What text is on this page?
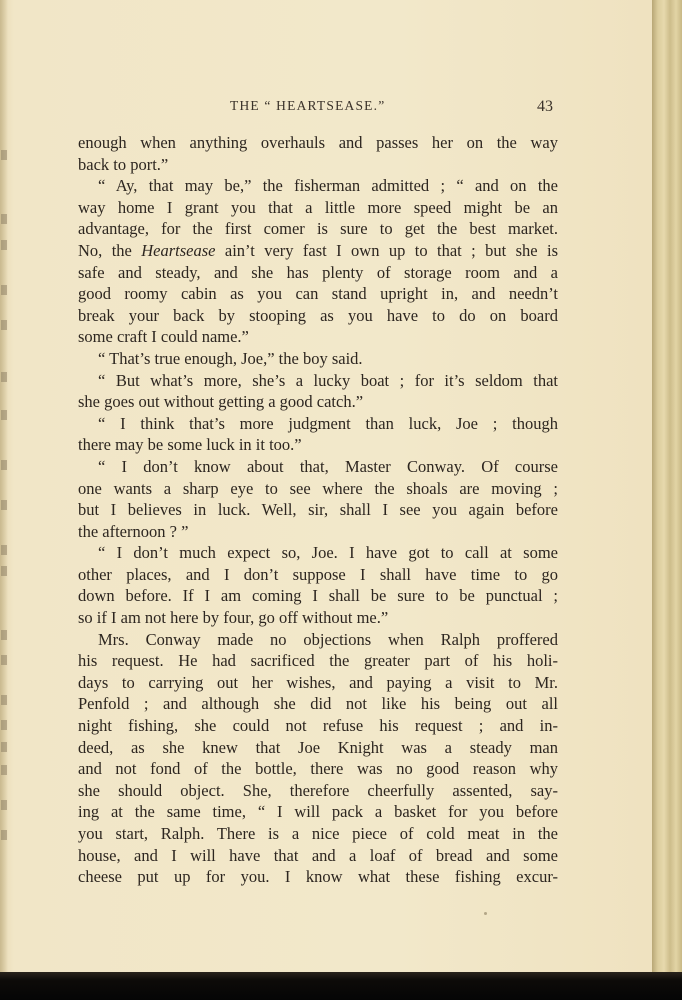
THE “ HEARTSEASE.”	43
enough when anything overhauls and passes her on the way
back to port.”
“ Ay, that may be,” the fisherman admitted ; “ and on the
way home I grant you that a little more speed might be an
advantage, for the first comer is sure to get the best market.
No, the Heartsease ain’t very fast I own up to that ; but she is
safe and steady, and she has plenty of storage room and a
good roomy cabin as you can stand upright in, and needn’t
break your back by stooping as you have to do on board
some craft I could name.”
“ That’s true enough, Joe,” the boy said.
“ But what’s more, she’s a lucky boat ; for it’s seldom that
she goes out without getting a good catch.”
“ I think that’s more judgment than luck, Joe ; though
there may be some luck in it too.”
“ I don’t know about that, Master Conway. Of course
one wants a sharp eye to see where the shoals are moving ;
but I believes in luck. Well, sir, shall I see you again before
the afternoon ? ”
“ I don’t much expect so, Joe. I have got to call at some
other places, and I don’t suppose I shall have time to go
down before. If I am coming I shall be sure to be punctual ;
so if I am not here by four, go off without me.”
Mrs. Conway made no objections when Ralph proffered
his request. He had sacrificed the greater part of his holi-
days to carrying out her wishes, and paying a visit to Mr.
Penfold ; and although she did not like his being out all
night fishing, she could not refuse his request ; and in-
deed, as she knew that Joe Knight was a steady man
and not fond of the bottle, there was no good reason why
she should object. She, therefore cheerfully assented, say-
ing at the same time, “ I will pack a basket for you before
you start, Ralph. There is a nice piece of cold meat in the
house, and I will have that and a loaf of bread and some
cheese put up for you. I know what these fishing excur-
